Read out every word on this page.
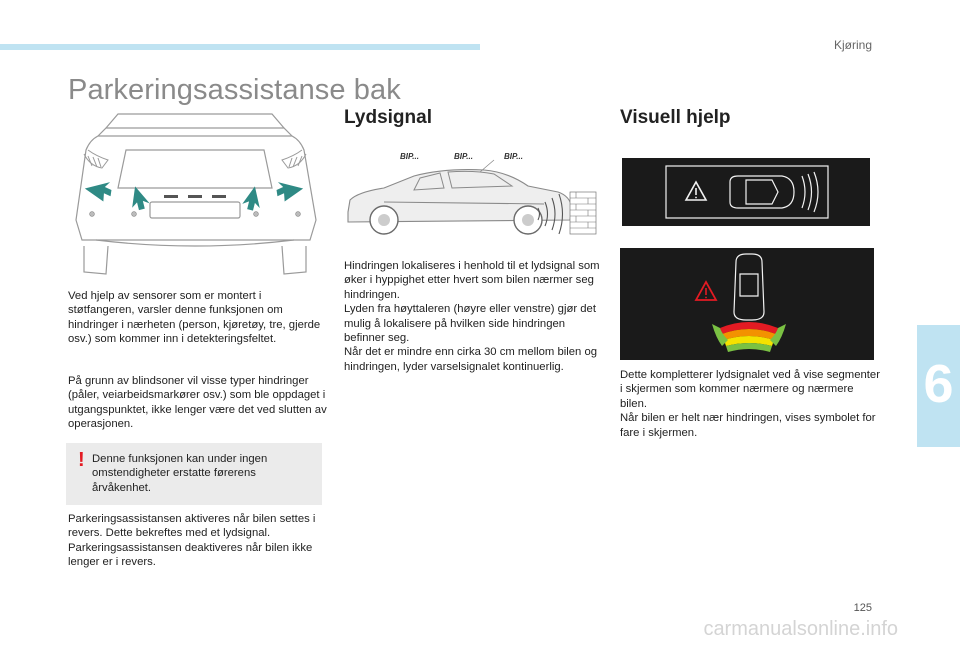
Kjøring
Parkeringsassistanse bak
Lydsignal
BIP...	BIP...	BIP...
Visuell hjelp

Ved hjelp av sensorer som er montert i støtfangeren, varsler denne funksjonen om hindringer i nærheten (person, kjøretøy, tre, gjerde osv.) som kommer inn i detekteringsfeltet.

På grunn av blindsoner vil visse typer hindringer (påler, veiarbeidsmarkører osv.) som ble oppdaget i utgangspunktet, ikke lenger være det ved slutten av operasjonen.

! Denne funksjonen kan under ingen omstendigheter erstatte førerens årvåkenhet.

Parkeringsassistansen aktiveres når bilen settes i revers. Dette bekreftes med et lydsignal.
Parkeringsassistansen deaktiveres når bilen ikke lenger er i revers.

Hindringen lokaliseres i henhold til et lydsignal som øker i hyppighet etter hvert som bilen nærmer seg hindringen.
Lyden fra høyttaleren (høyre eller venstre) gjør det mulig å lokalisere på hvilken side hindringen befinner seg.
Når det er mindre enn cirka 30 cm mellom bilen og hindringen, lyder varselsignalet kontinuerlig.

Dette kompletterer lydsignalet ved å vise segmenter i skjermen som kommer nærmere og nærmere bilen.
Når bilen er helt nær hindringen, vises symbolet for fare i skjermen.

6
125
carmanualsonline.info
